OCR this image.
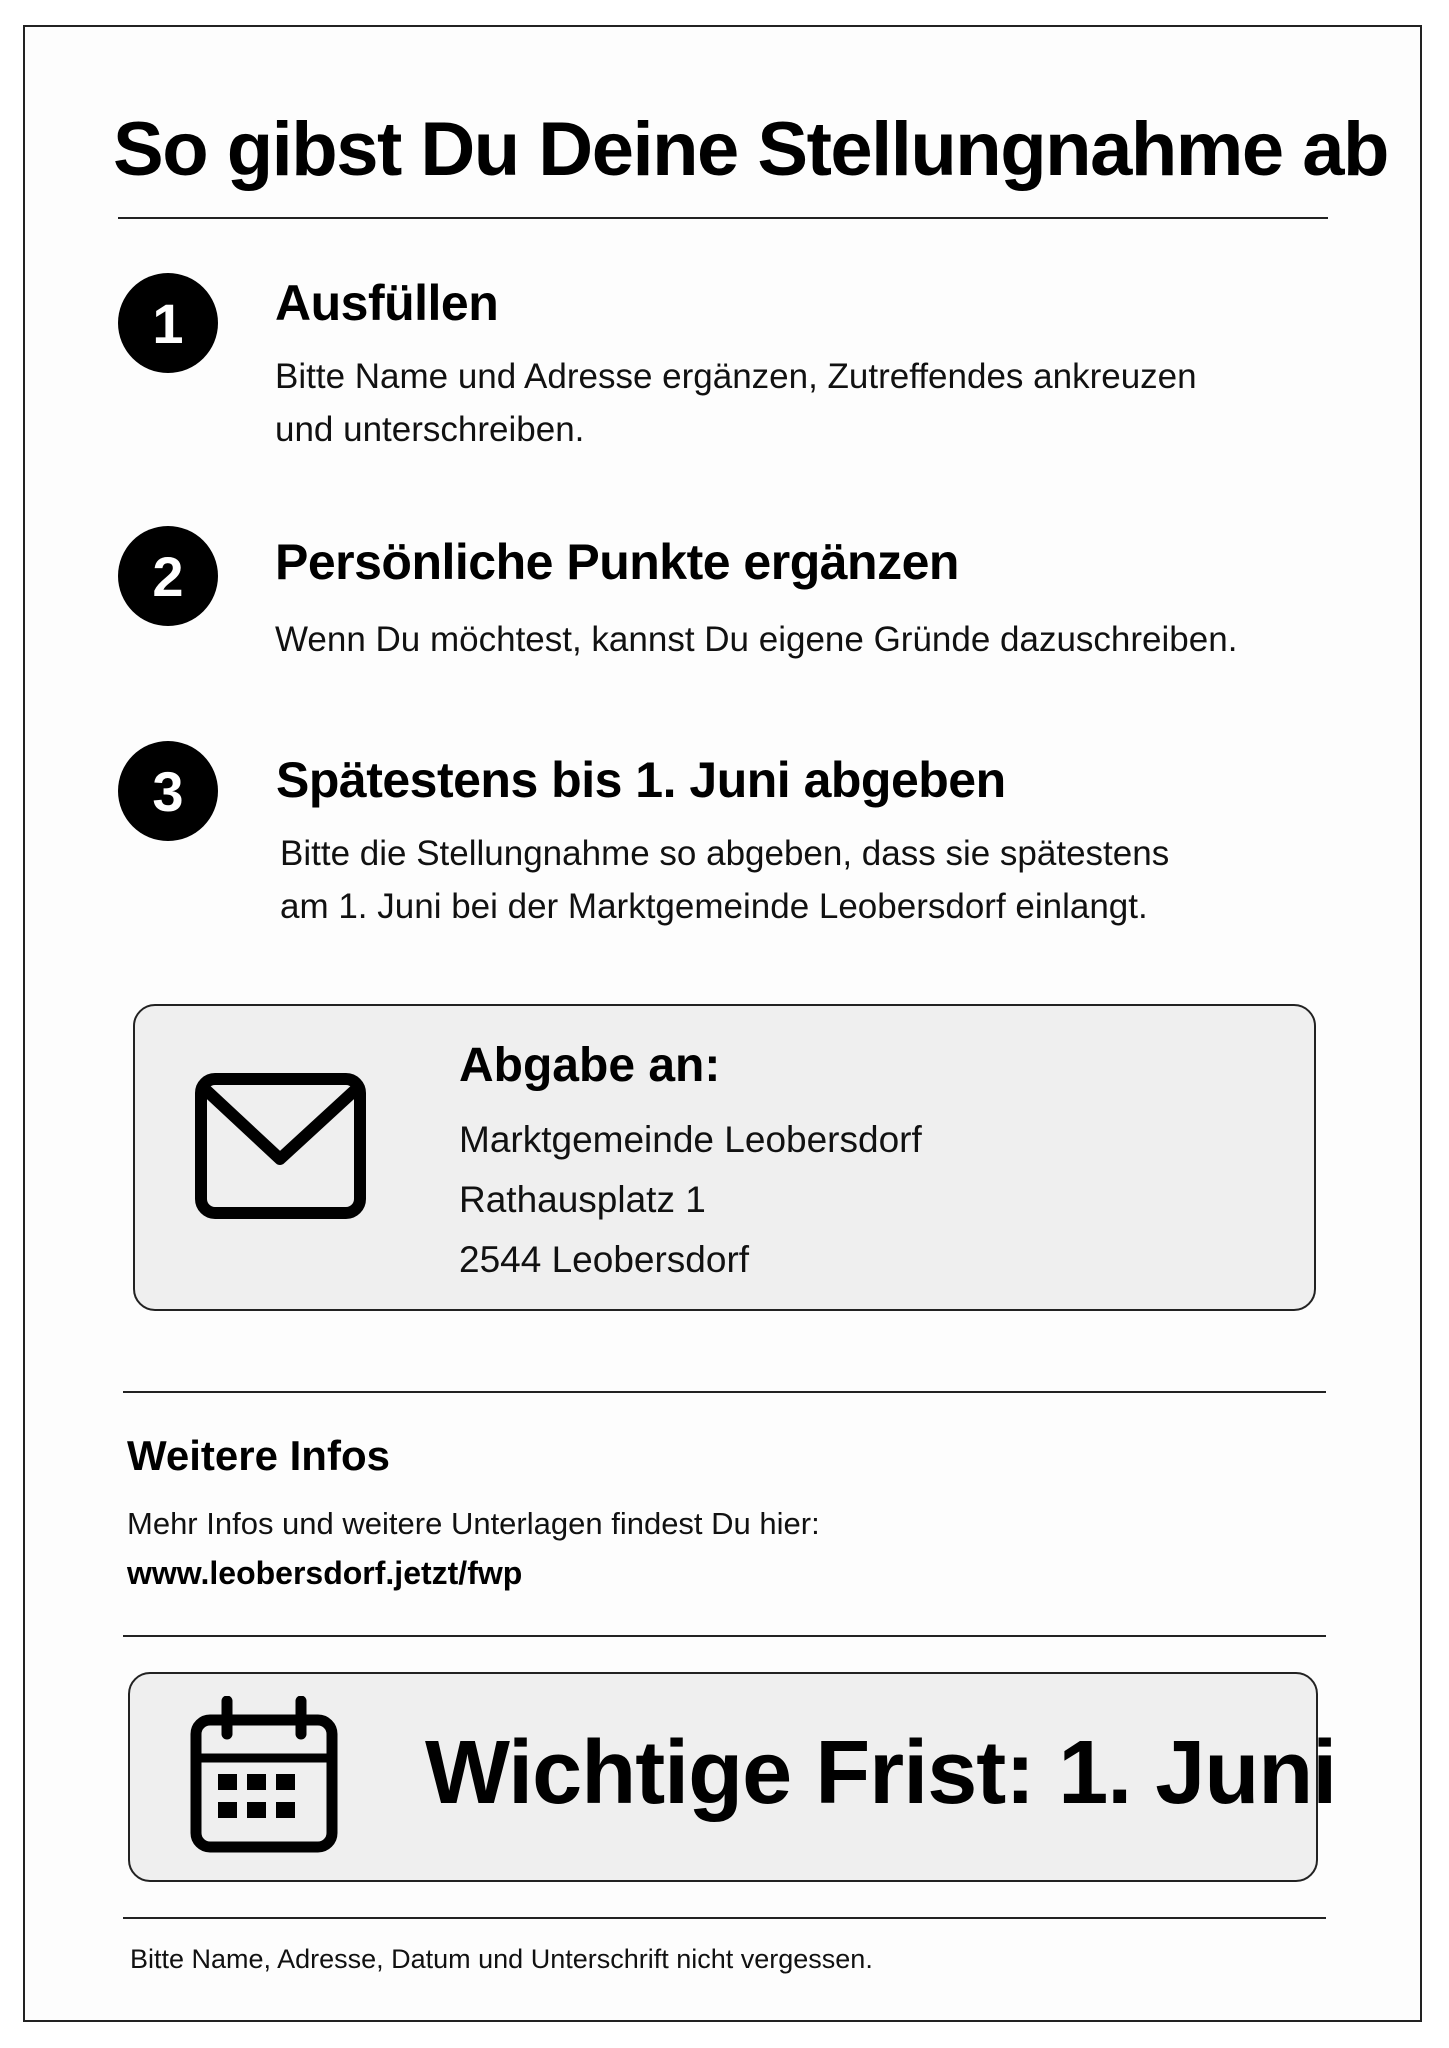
So gibst Du Deine Stellungnahme ab
1	Ausfüllen
Bitte Name und Adresse ergänzen, Zutreffendes ankreuzen
und unterschreiben.
2	Persönliche Punkte ergänzen
Wenn Du möchtest, kannst Du eigene Gründe dazuschreiben.
3	Spätestens bis 1. Juni abgeben
Bitte die Stellungnahme so abgeben, dass sie spätestens
am 1. Juni bei der Marktgemeinde Leobersdorf einlangt.
Abgabe an:
Marktgemeinde Leobersdorf
Rathausplatz 1
2544 Leobersdorf
Weitere Infos
Mehr Infos und weitere Unterlagen findest Du hier:
www.leobersdorf.jetzt/fwp
Wichtige Frist: 1. Juni
Bitte Name, Adresse, Datum und Unterschrift nicht vergessen.
